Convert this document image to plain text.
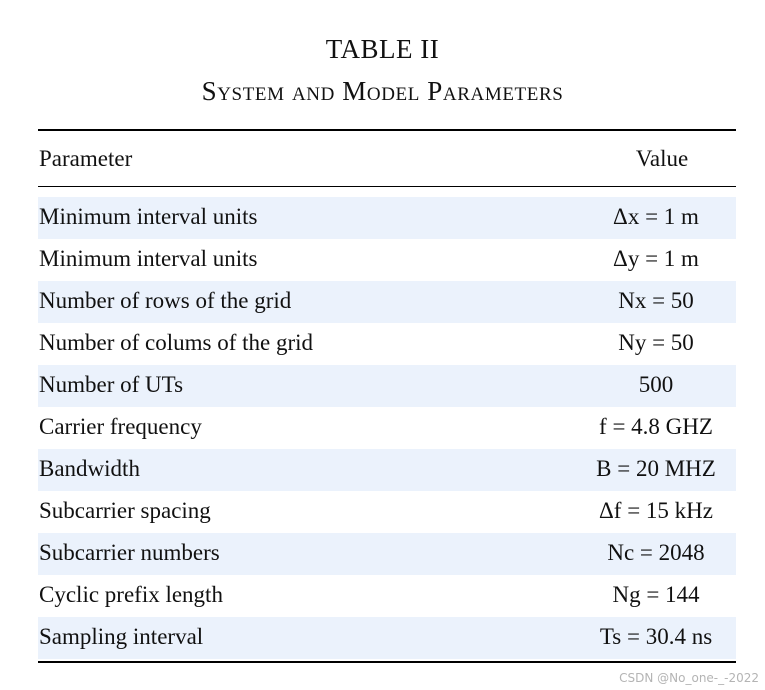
TABLE II
System and Model Parameters
Parameter	Value
Minimum interval units	Δx = 1 m
Minimum interval units	Δy = 1 m
Number of rows of the grid	Nx = 50
Number of colums of the grid	Ny = 50
Number of UTs	500
Carrier frequency	f = 4.8 GHZ
Bandwidth	B = 20 MHZ
Subcarrier spacing	Δf = 15 kHz
Subcarrier numbers	Nc = 2048
Cyclic prefix length	Ng = 144
Sampling interval	Ts = 30.4 ns
CSDN @No_one-_-2022
